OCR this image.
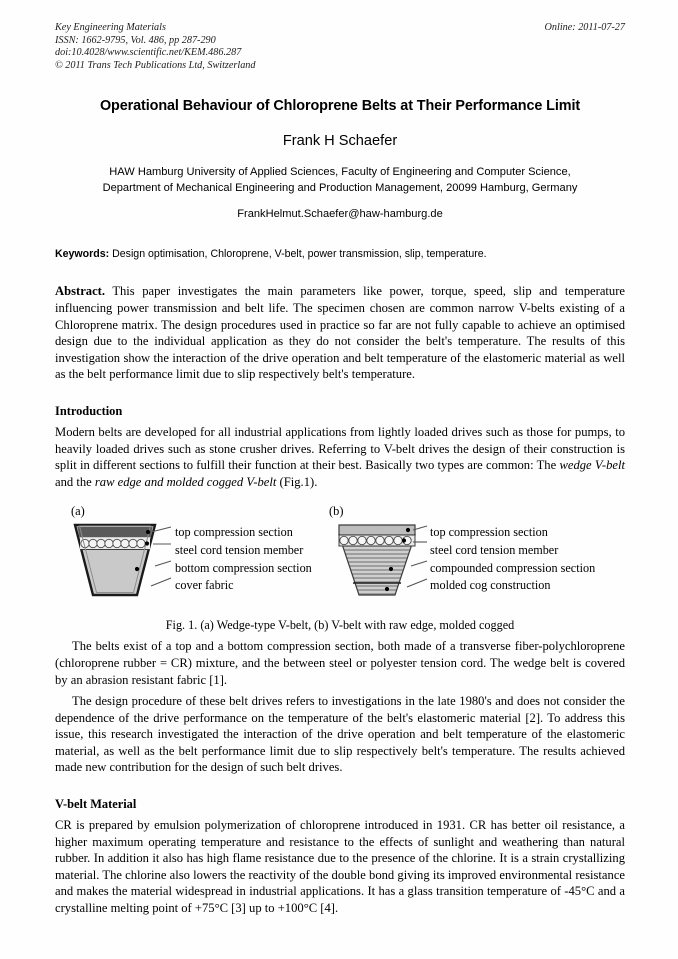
Online: 2011-07-27
Key Engineering Materials
ISSN: 1662-9795, Vol. 486, pp 287-290
doi:10.4028/www.scientific.net/KEM.486.287
© 2011 Trans Tech Publications Ltd, Switzerland
Operational Behaviour of Chloroprene Belts at Their Performance Limit
Frank H Schaefer
HAW Hamburg University of Applied Sciences, Faculty of Engineering and Computer Science,
Department of Mechanical Engineering and Production Management, 20099 Hamburg, Germany
FrankHelmut.Schaefer@haw-hamburg.de
Keywords: Design optimisation, Chloroprene, V-belt, power transmission, slip, temperature.
Abstract. This paper investigates the main parameters like power, torque, speed, slip and temperature influencing power transmission and belt life. The specimen chosen are common narrow V-belts existing of a Chloroprene matrix. The design procedures used in practice so far are not fully capable to achieve an optimised design due to the individual application as they do not consider the belt's temperature. The results of this investigation show the interaction of the drive operation and belt temperature of the elastomeric material as well as the belt performance limit due to slip respectively belt's temperature.
Introduction
Modern belts are developed for all industrial applications from lightly loaded drives such as those for pumps, to heavily loaded drives such as stone crusher drives. Referring to V-belt drives the design of their construction is split in different sections to fulfill their function at their best. Basically two types are common: The wedge V-belt and the raw edge and molded cogged V-belt (Fig.1).
(a)
top compression section
steel cord tension member
bottom compression section
cover fabric
(b)
top compression section
steel cord tension member
compounded compression section
molded cog construction
Fig. 1. (a) Wedge-type V-belt, (b) V-belt with raw edge, molded cogged
The belts exist of a top and a bottom compression section, both made of a transverse fiber-polychloroprene (chloroprene rubber = CR) mixture, and the between steel or polyester tension cord. The wedge belt is covered by an abrasion resistant fabric [1].
The design procedure of these belt drives refers to investigations in the late 1980's and does not consider the dependence of the drive performance on the temperature of the belt's elastomeric material [2]. To address this issue, this research investigated the interaction of the drive operation and belt temperature of the elastomeric material, as well as the belt performance limit due to slip respectively belt's temperature. The results achieved made new contribution for the design of such belt drives.
V-belt Material
CR is prepared by emulsion polymerization of chloroprene introduced in 1931. CR has better oil resistance, a higher maximum operating temperature and resistance to the effects of sunlight and weathering than natural rubber. In addition it also has high flame resistance due to the presence of the chlorine. It is a strain crystallizing material. The chlorine also lowers the reactivity of the double bond giving its improved environmental resistance and makes the material widespread in industrial applications. It has a glass transition temperature of -45°C and a crystalline melting point of +75°C [3] up to +100°C [4].
